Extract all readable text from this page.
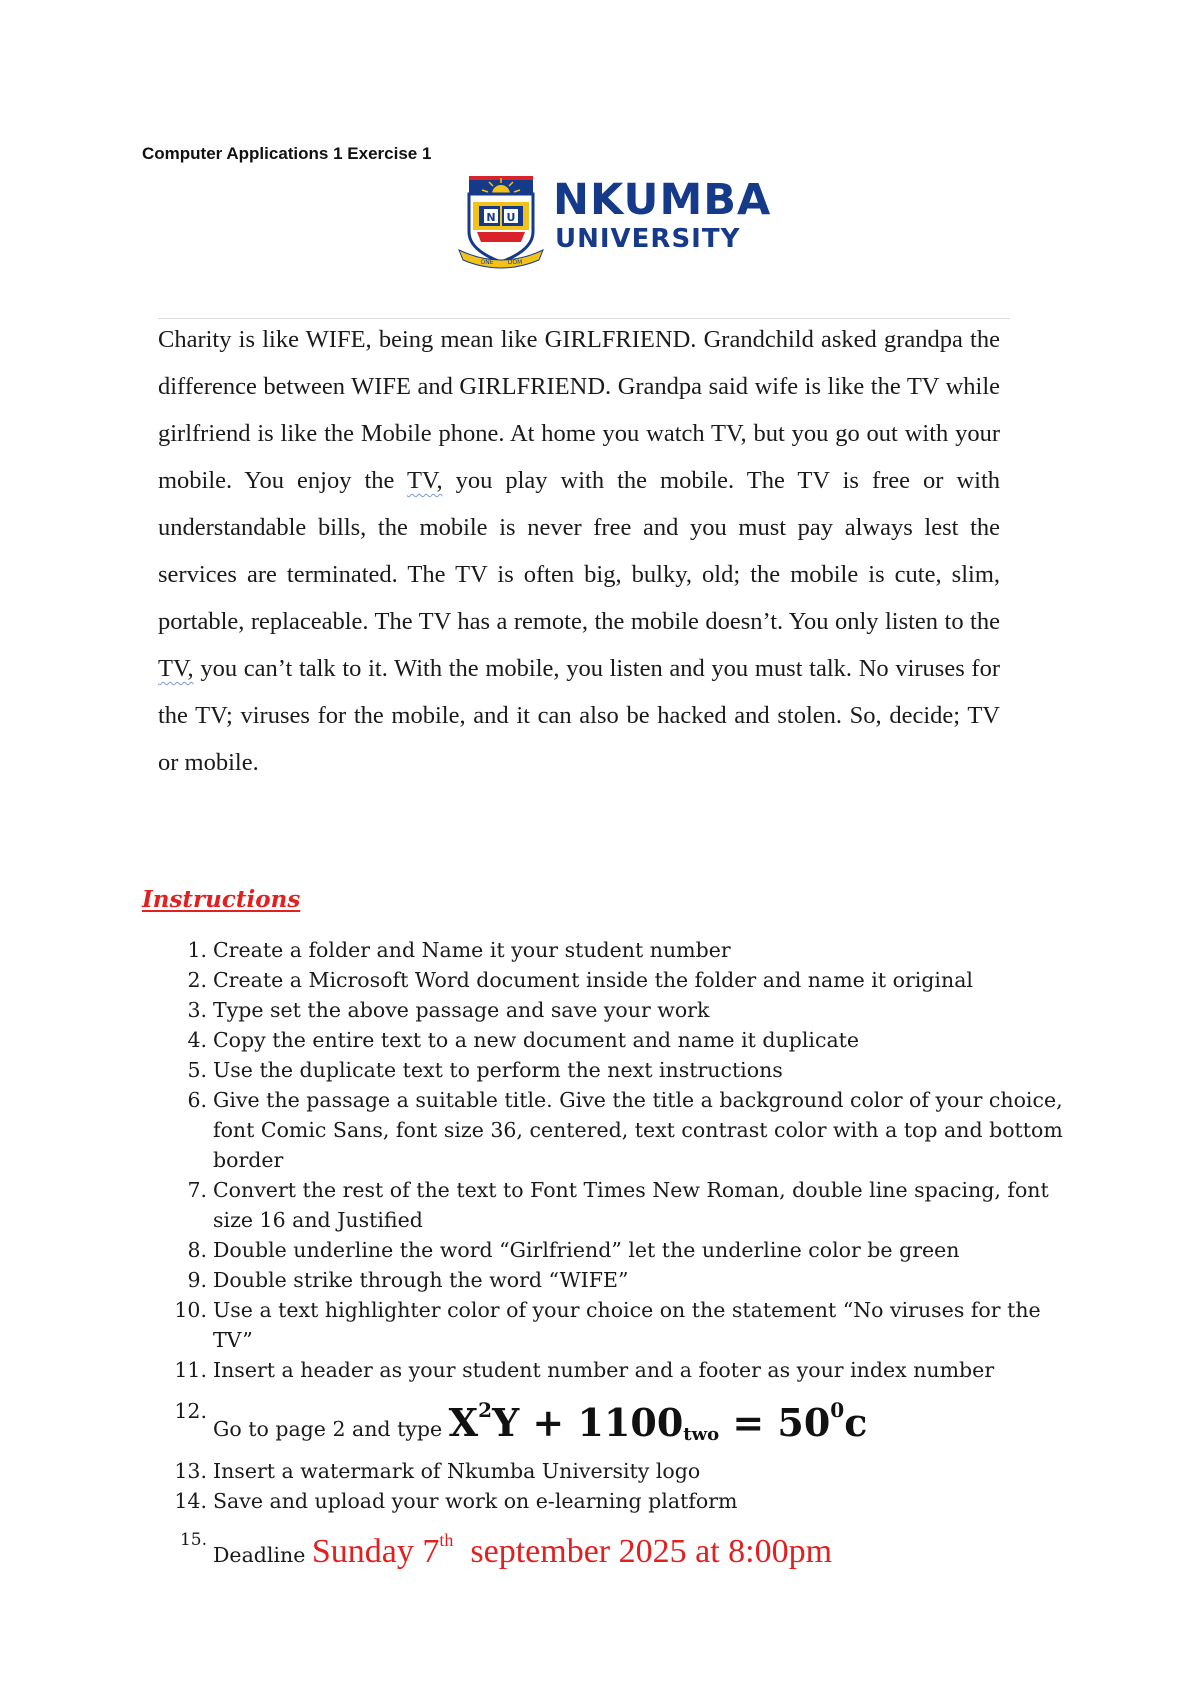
Computer Applications 1 Exercise 1
N U
ONE DOM
NKUMBA
UNIVERSITY

Charity is like WIFE, being mean like GIRLFRIEND. Grandchild asked grandpa the difference between WIFE and GIRLFRIEND. Grandpa said wife is like the TV while girlfriend is like the Mobile phone. At home you watch TV, but you go out with your mobile. You enjoy the TV, you play with the mobile. The TV is free or with understandable bills, the mobile is never free and you must pay always lest the services are terminated. The TV is often big, bulky, old; the mobile is cute, slim, portable, replaceable. The TV has a remote, the mobile doesn’t. You only listen to the TV, you can’t talk to it. With the mobile, you listen and you must talk. No viruses for the TV; viruses for the mobile, and it can also be hacked and stolen. So, decide; TV or mobile.

Instructions
1. Create a folder and Name it your student number
2. Create a Microsoft Word document inside the folder and name it original
3. Type set the above passage and save your work
4. Copy the entire text to a new document and name it duplicate
5. Use the duplicate text to perform the next instructions
6. Give the passage a suitable title. Give the title a background color of your choice, font Comic Sans, font size 36, centered, text contrast color with a top and bottom border
7. Convert the rest of the text to Font Times New Roman, double line spacing, font size 16 and Justified
8. Double underline the word “Girlfriend” let the underline color be green
9. Double strike through the word “WIFE”
10. Use a text highlighter color of your choice on the statement “No viruses for the TV”
11. Insert a header as your student number and a footer as your index number
12.
Go to page 2 and type $X^2Y + 1100_{two} = 50^0c$
13. Insert a watermark of Nkumba University logo
14. Save and upload your work on e-learning platform
15.
Deadline Sunday 7th  september 2025 at 8:00pm
